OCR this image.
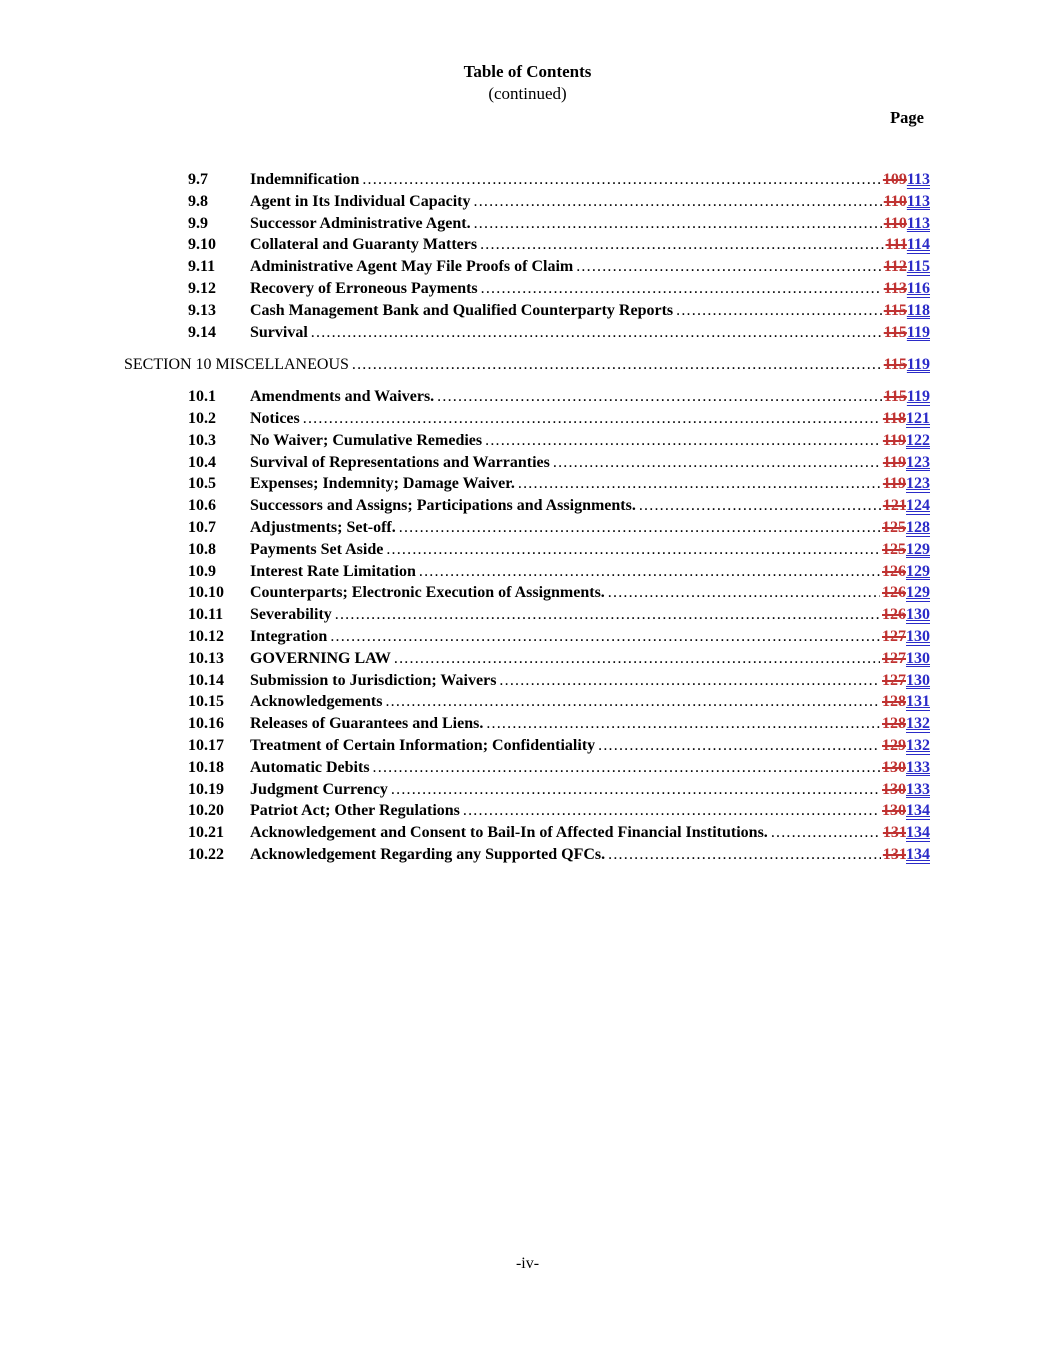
Table of Contents
(continued)
Page
9.7	Indemnification .....	109113
9.8	Agent in Its Individual Capacity .....	110113
9.9	Successor Administrative Agent. .....	110113
9.10	Collateral and Guaranty Matters .....	111114
9.11	Administrative Agent May File Proofs of Claim .....	112115
9.12	Recovery of Erroneous Payments .....	113116
9.13	Cash Management Bank and Qualified Counterparty Reports .....	115118
9.14	Survival .....	115119
SECTION 10 MISCELLANEOUS .....	115119
10.1	Amendments and Waivers. .....	115119
10.2	Notices .....	118121
10.3	No Waiver; Cumulative Remedies .....	119122
10.4	Survival of Representations and Warranties .....	119123
10.5	Expenses; Indemnity; Damage Waiver. .....	119123
10.6	Successors and Assigns; Participations and Assignments. .....	121124
10.7	Adjustments; Set-off. .....	125128
10.8	Payments Set Aside .....	125129
10.9	Interest Rate Limitation .....	126129
10.10	Counterparts; Electronic Execution of Assignments. .....	126129
10.11	Severability .....	126130
10.12	Integration .....	127130
10.13	GOVERNING LAW .....	127130
10.14	Submission to Jurisdiction; Waivers .....	127130
10.15	Acknowledgements .....	128131
10.16	Releases of Guarantees and Liens. .....	128132
10.17	Treatment of Certain Information; Confidentiality .....	129132
10.18	Automatic Debits .....	130133
10.19	Judgment Currency .....	130133
10.20	Patriot Act; Other Regulations .....	130134
10.21	Acknowledgement and Consent to Bail-In of Affected Financial Institutions. .....	131134
10.22	Acknowledgement Regarding any Supported QFCs. .....	131134
-iv-
